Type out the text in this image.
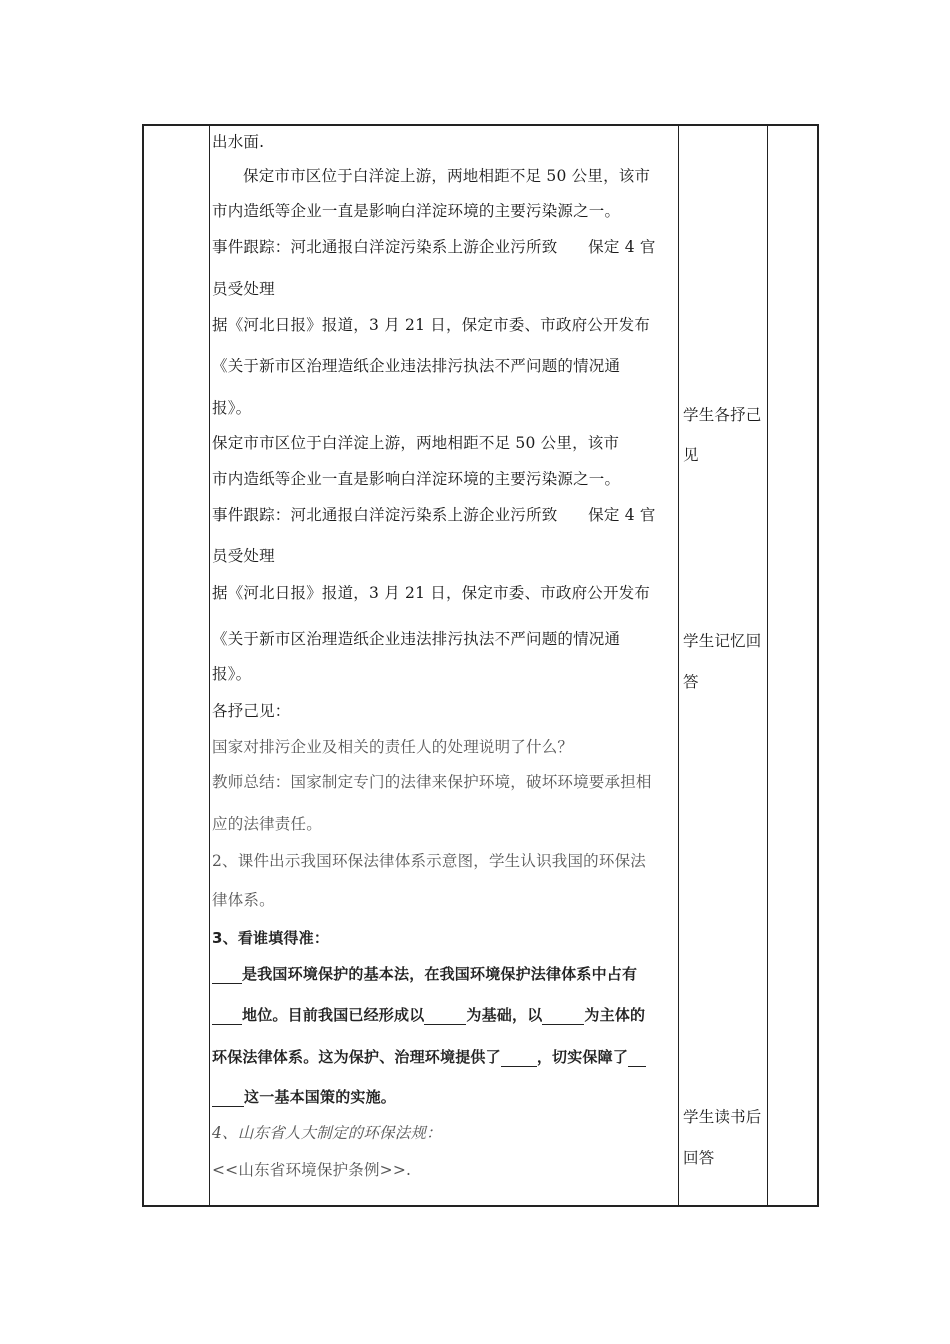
出水面.
保定市市区位于白洋淀上游，两地相距不足 50 公里，该市
市内造纸等企业一直是影响白洋淀环境的主要污染源之一。
事件跟踪：河北通报白洋淀污染系上游企业污所致      保定 4 官
员受处理
据《河北日报》报道，3 月 21 日，保定市委、市政府公开发布
《关于新市区治理造纸企业违法排污执法不严问题的情况通
报》。
保定市市区位于白洋淀上游，两地相距不足 50 公里，该市
市内造纸等企业一直是影响白洋淀环境的主要污染源之一。
事件跟踪：河北通报白洋淀污染系上游企业污所致      保定 4 官
员受处理
据《河北日报》报道，3 月 21 日，保定市委、市政府公开发布
《关于新市区治理造纸企业违法排污执法不严问题的情况通
报》。
各抒己见：
国家对排污企业及相关的责任人的处理说明了什么？
教师总结：国家制定专门的法律来保护环境，破坏环境要承担相
应的法律责任。
2、课件出示我国环保法律体系示意图，学生认识我国的环保法
律体系。
3、看谁填得准：
是我国环境保护的基本法，在我国环境保护法律体系中占有
地位。目前我国已经形成以	为基础，以	为主体的
环保法律体系。这为保护、治理环境提供了 ，切实保障了
这一基本国策的实施。
4、山东省人大制定的环保法规：
<<山东省环境保护条例>>.
学生各抒己
见
学生记忆回
答
学生读书后
回答
